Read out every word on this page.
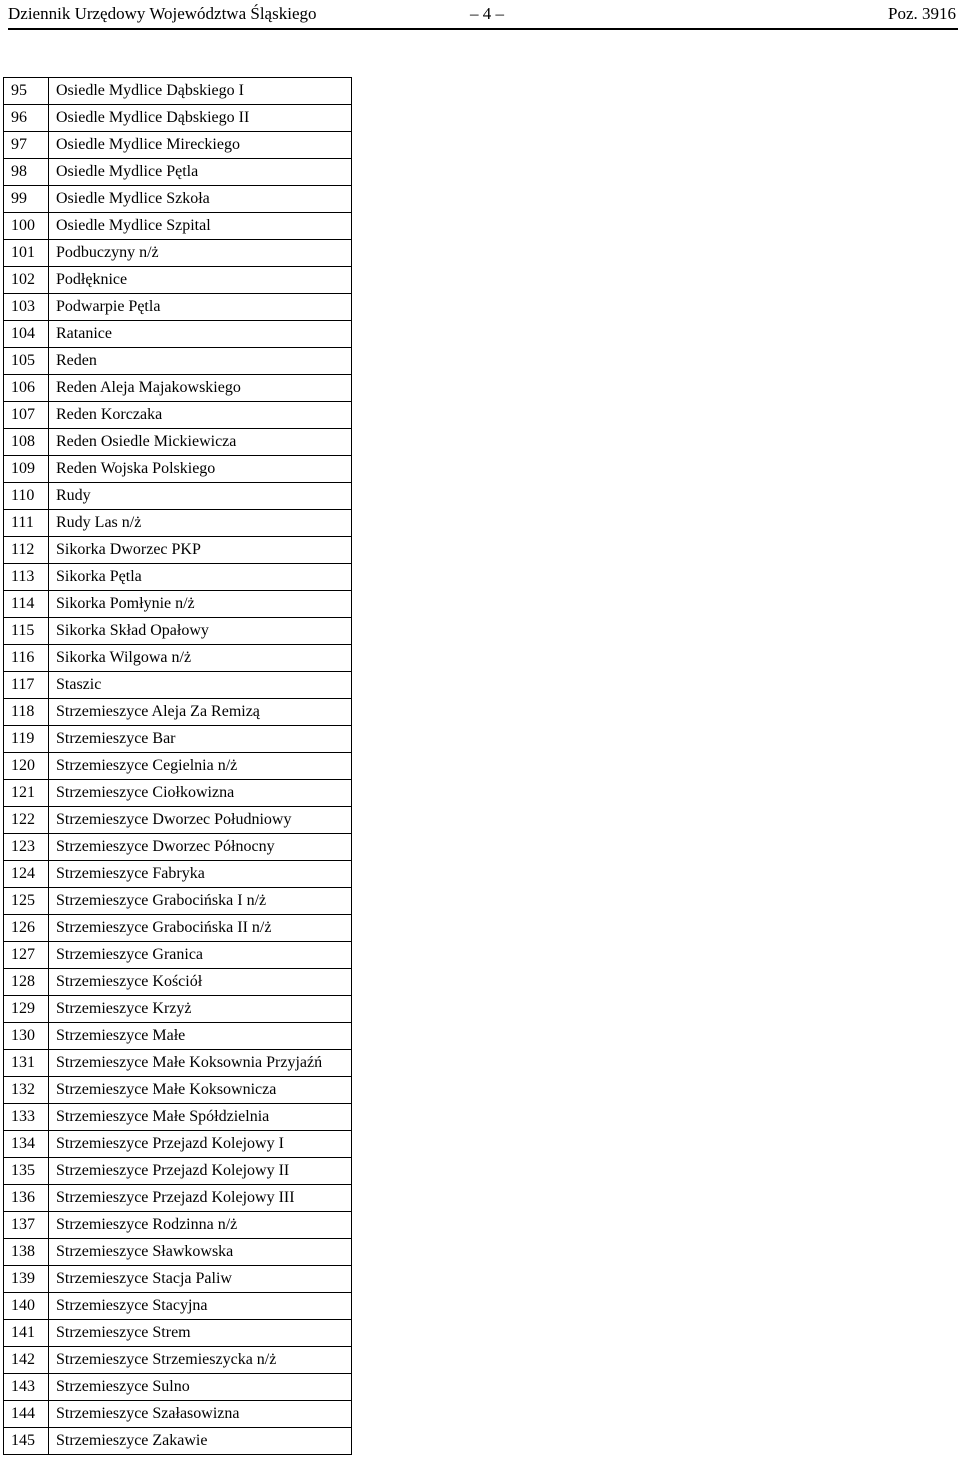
Dziennik Urzędowy Województwa Śląskiego	– 4 –	Poz. 3916
95	Osiedle Mydlice Dąbskiego I
96	Osiedle Mydlice Dąbskiego II
97	Osiedle Mydlice Mireckiego
98	Osiedle Mydlice Pętla
99	Osiedle Mydlice Szkoła
100	Osiedle Mydlice Szpital
101	Podbuczyny n/ż
102	Podłęknice
103	Podwarpie Pętla
104	Ratanice
105	Reden
106	Reden Aleja Majakowskiego
107	Reden Korczaka
108	Reden Osiedle Mickiewicza
109	Reden Wojska Polskiego
110	Rudy
111	Rudy Las n/ż
112	Sikorka Dworzec PKP
113	Sikorka Pętla
114	Sikorka Pomłynie n/ż
115	Sikorka Skład Opałowy
116	Sikorka Wilgowa n/ż
117	Staszic
118	Strzemieszyce Aleja Za Remizą
119	Strzemieszyce Bar
120	Strzemieszyce Cegielnia n/ż
121	Strzemieszyce Ciołkowizna
122	Strzemieszyce Dworzec Południowy
123	Strzemieszyce Dworzec Północny
124	Strzemieszyce Fabryka
125	Strzemieszyce Grabocińska I n/ż
126	Strzemieszyce Grabocińska II n/ż
127	Strzemieszyce Granica
128	Strzemieszyce Kościół
129	Strzemieszyce Krzyż
130	Strzemieszyce Małe
131	Strzemieszyce Małe Koksownia Przyjaźń
132	Strzemieszyce Małe Koksownicza
133	Strzemieszyce Małe Spółdzielnia
134	Strzemieszyce Przejazd Kolejowy I
135	Strzemieszyce Przejazd Kolejowy II
136	Strzemieszyce Przejazd Kolejowy III
137	Strzemieszyce Rodzinna n/ż
138	Strzemieszyce Sławkowska
139	Strzemieszyce Stacja Paliw
140	Strzemieszyce Stacyjna
141	Strzemieszyce Strem
142	Strzemieszyce Strzemieszycka n/ż
143	Strzemieszyce Sulno
144	Strzemieszyce Szałasowizna
145	Strzemieszyce Zakawie
